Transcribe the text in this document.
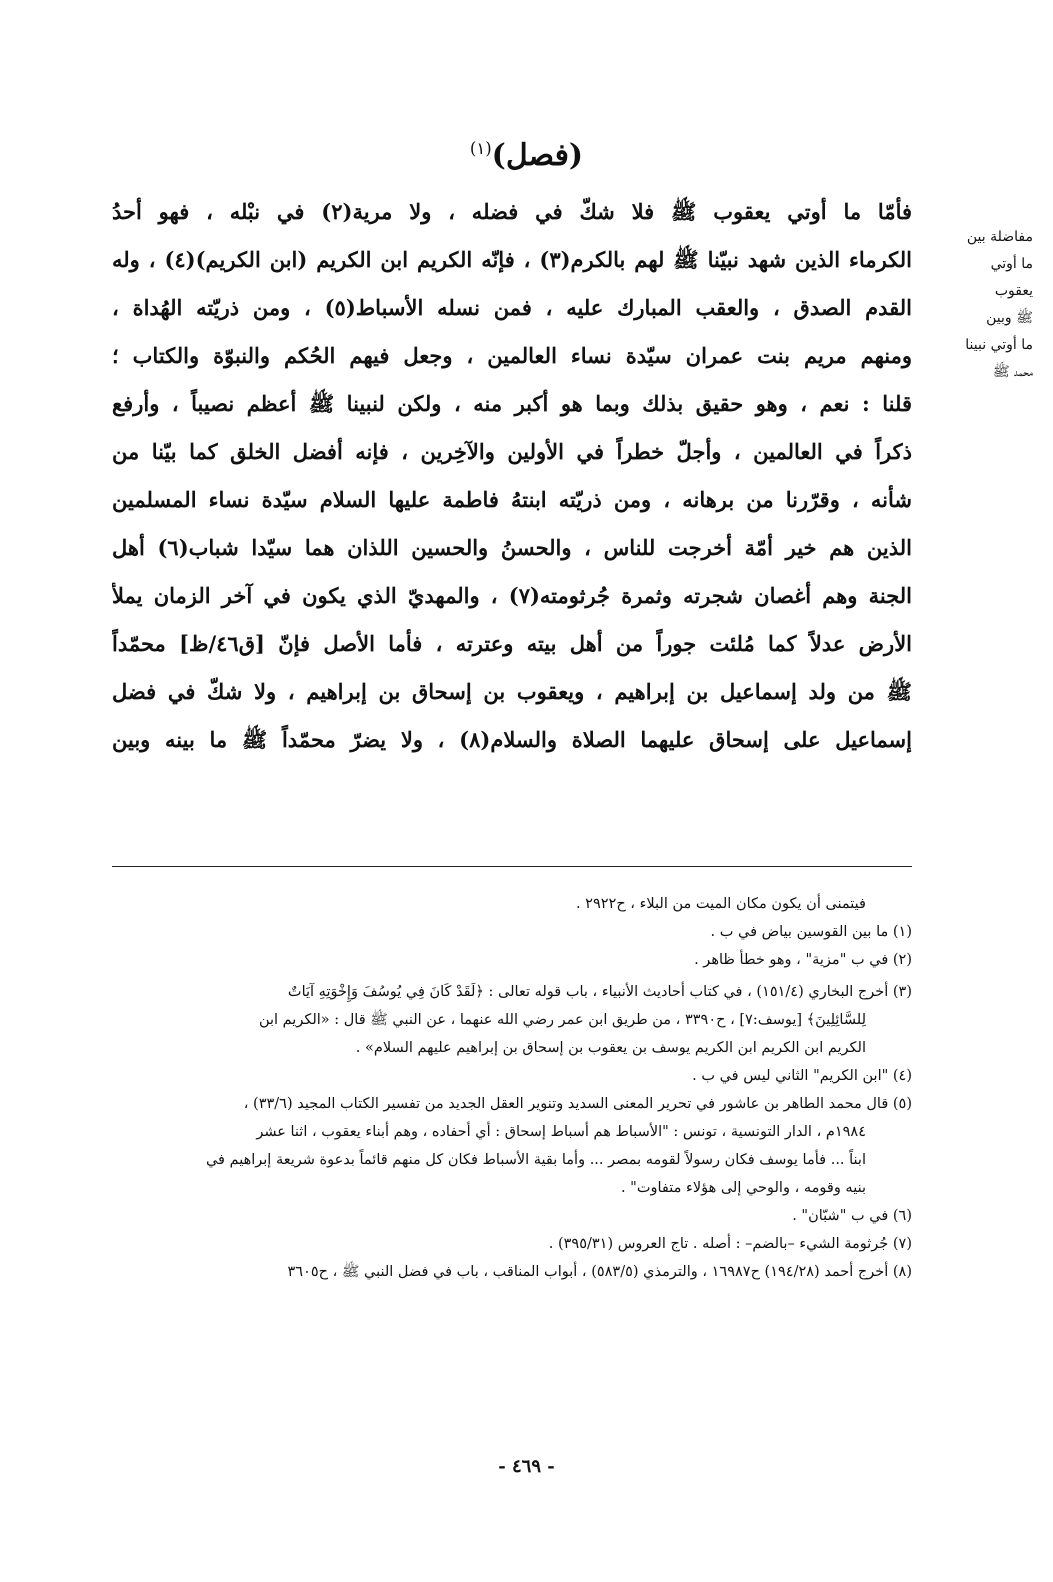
(فصل)$^{(١)}$
مفاضلة بين
ما أوتي
يعقوب
ﷺ وبين
ما أوتي نبينا
محمد ﷺ
فأمّا ما أوتي يعقوب ﷺ فلا شكّ في فضله ، ولا مرية(٢) في نبْله ، فهو أحدُ
الكرماء الذين شهد نبيّنا ﷺ لهم بالكرم(٣) ، فإنّه الكريم ابن الكريم (ابن الكريم)(٤) ، وله
القدم الصدق ، والعقب المبارك عليه ، فمن نسله الأسباط(٥) ، ومن ذريّته الهُداة ،
ومنهم مريم بنت عمران سيّدة نساء العالمين ، وجعل فيهم الحُكم والنبوّة والكتاب ؛
قلنا : نعم ، وهو حقيق بذلك وبما هو أكبر منه ، ولكن لنبينا ﷺ أعظم نصيباً ، وأرفع
ذكراً في العالمين ، وأجلّ خطراً في الأولين والآخِرين ، فإنه أفضل الخلق كما بيّنا من
شأنه ، وقرّرنا من برهانه ، ومن ذريّته ابنتهُ فاطمة عليها السلام سيّدة نساء المسلمين
الذين هم خير أمّة أخرجت للناس ، والحسنُ والحسين اللذان هما سيّدا شباب(٦) أهل
الجنة وهم أغصان شجرته وثمرة جُرثومته(٧) ، والمهديّ الذي يكون في آخر الزمان يملأ
الأرض عدلاً كما مُلئت جوراً من أهل بيته وعترته ، فأما الأصل فإنّ [ق٤٦/ظ] محمّداً
ﷺ من ولد إسماعيل بن إبراهيم ، ويعقوب بن إسحاق بن إبراهيم ، ولا شكّ في فضل
إسماعيل على إسحاق عليهما الصلاة والسلام(٨) ، ولا يضرّ محمّداً ﷺ ما بينه وبين
فيتمنى أن يكون مكان الميت من البلاء ، ح٢٩٢٢ .
(١) ما بين القوسين بياض في ب .
(٢) في ب "مزية" ، وهو خطأ ظاهر .
(٣) أخرج البخاري (١٥١/٤) ، في كتاب أحاديث الأنبياء ، باب قوله تعالى : ﴿لَقَدْ كَانَ فِي يُوسُفَ وَإِخْوَتِهِ آيَاتٌ
لِلسَّائِلِينَ﴾ [يوسف:٧] ، ح٣٣٩٠ ، من طريق ابن عمر رضي الله عنهما ، عن النبي ﷺ قال : «الكريم ابن
الكريم ابن الكريم ابن الكريم يوسف بن يعقوب بن إسحاق بن إبراهيم عليهم السلام» .
(٤) "ابن الكريم" الثاني ليس في ب .
(٥) قال محمد الطاهر بن عاشور في تحرير المعنى السديد وتنوير العقل الجديد من تفسير الكتاب المجيد (٣٣/٦) ،
١٩٨٤م ، الدار التونسية ، تونس : "الأسباط هم أسباط إسحاق : أي أحفاده ، وهم أبناء يعقوب ، اثنا عشر
ابناً ... فأما يوسف فكان رسولاً لقومه بمصر ... وأما بقية الأسباط فكان كل منهم قائماً بدعوة شريعة إبراهيم في
بنيه وقومه ، والوحي إلى هؤلاء متفاوت" .
(٦) في ب "شبّان" .
(٧) جُرثومة الشيء –بالضم– : أصله . تاج العروس (٣٩٥/٣١) .
(٨) أخرج أحمد (١٩٤/٢٨) ح١٦٩٨٧ ، والترمذي (٥٨٣/٥) ، أبواب المناقب ، باب في فضل النبي ﷺ ، ح٣٦٠٥
- ٤٦٩ -
